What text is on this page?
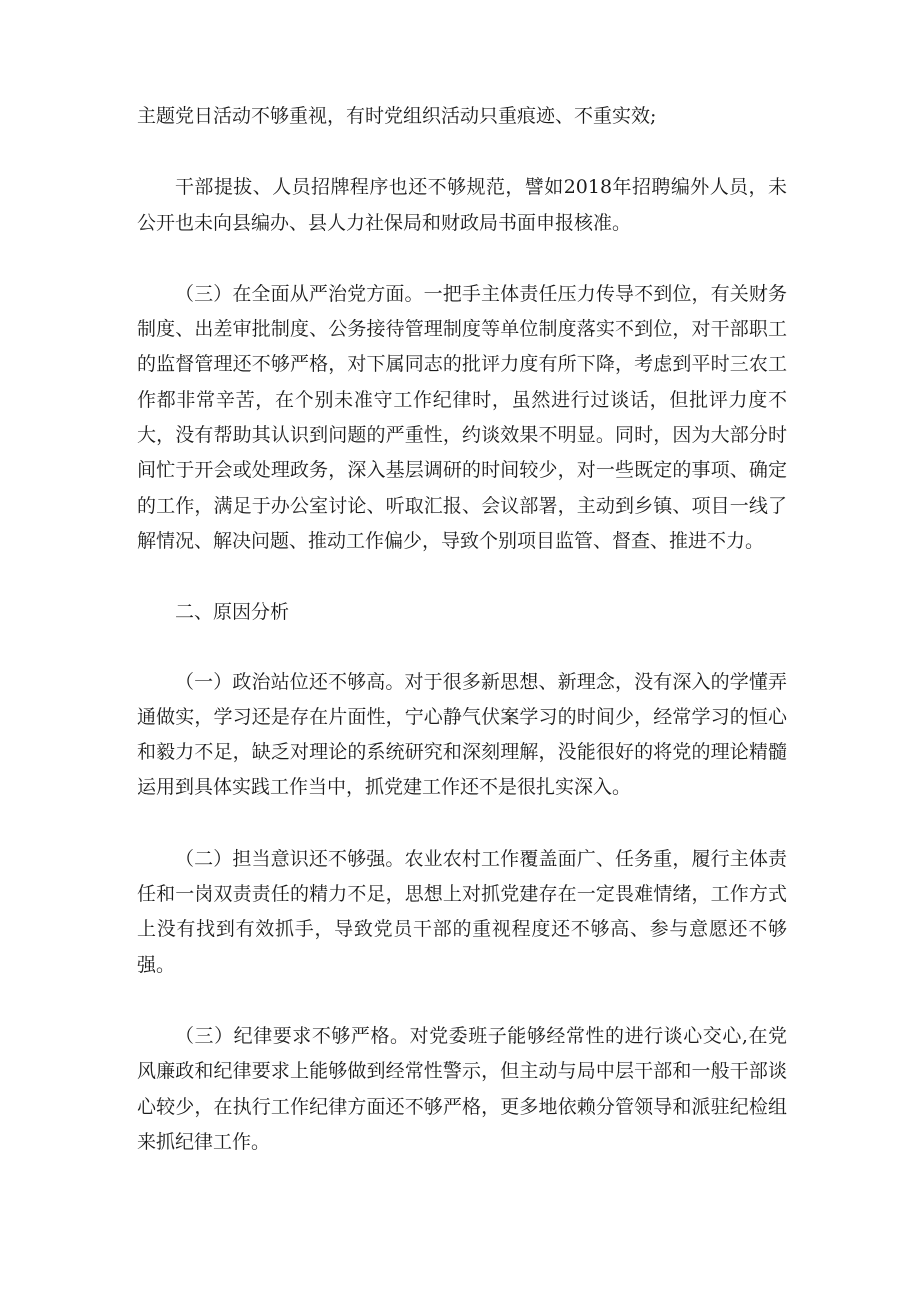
主题党日活动不够重视，有时党组织活动只重痕迹、不重实效;

干部提拔、人员招牌程序也还不够规范，譬如2018年招聘编外人员，未公开也未向县编办、县人力社保局和财政局书面申报核准。

（三）在全面从严治党方面。一把手主体责任压力传导不到位，有关财务制度、出差审批制度、公务接待管理制度等单位制度落实不到位，对干部职工的监督管理还不够严格，对下属同志的批评力度有所下降，考虑到平时三农工作都非常辛苦，在个别未准守工作纪律时，虽然进行过谈话，但批评力度不大，没有帮助其认识到问题的严重性，约谈效果不明显。同时，因为大部分时间忙于开会或处理政务，深入基层调研的时间较少，对一些既定的事项、确定的工作，满足于办公室讨论、听取汇报、会议部署，主动到乡镇、项目一线了解情况、解决问题、推动工作偏少，导致个别项目监管、督查、推进不力。

二、原因分析

（一）政治站位还不够高。对于很多新思想、新理念，没有深入的学懂弄通做实，学习还是存在片面性，宁心静气伏案学习的时间少，经常学习的恒心和毅力不足，缺乏对理论的系统研究和深刻理解，没能很好的将党的理论精髓运用到具体实践工作当中，抓党建工作还不是很扎实深入。

（二）担当意识还不够强。农业农村工作覆盖面广、任务重，履行主体责任和一岗双责责任的精力不足，思想上对抓党建存在一定畏难情绪，工作方式上没有找到有效抓手，导致党员干部的重视程度还不够高、参与意愿还不够强。

（三）纪律要求不够严格。对党委班子能够经常性的进行谈心交心,在党风廉政和纪律要求上能够做到经常性警示，但主动与局中层干部和一般干部谈心较少，在执行工作纪律方面还不够严格，更多地依赖分管领导和派驻纪检组来抓纪律工作。
